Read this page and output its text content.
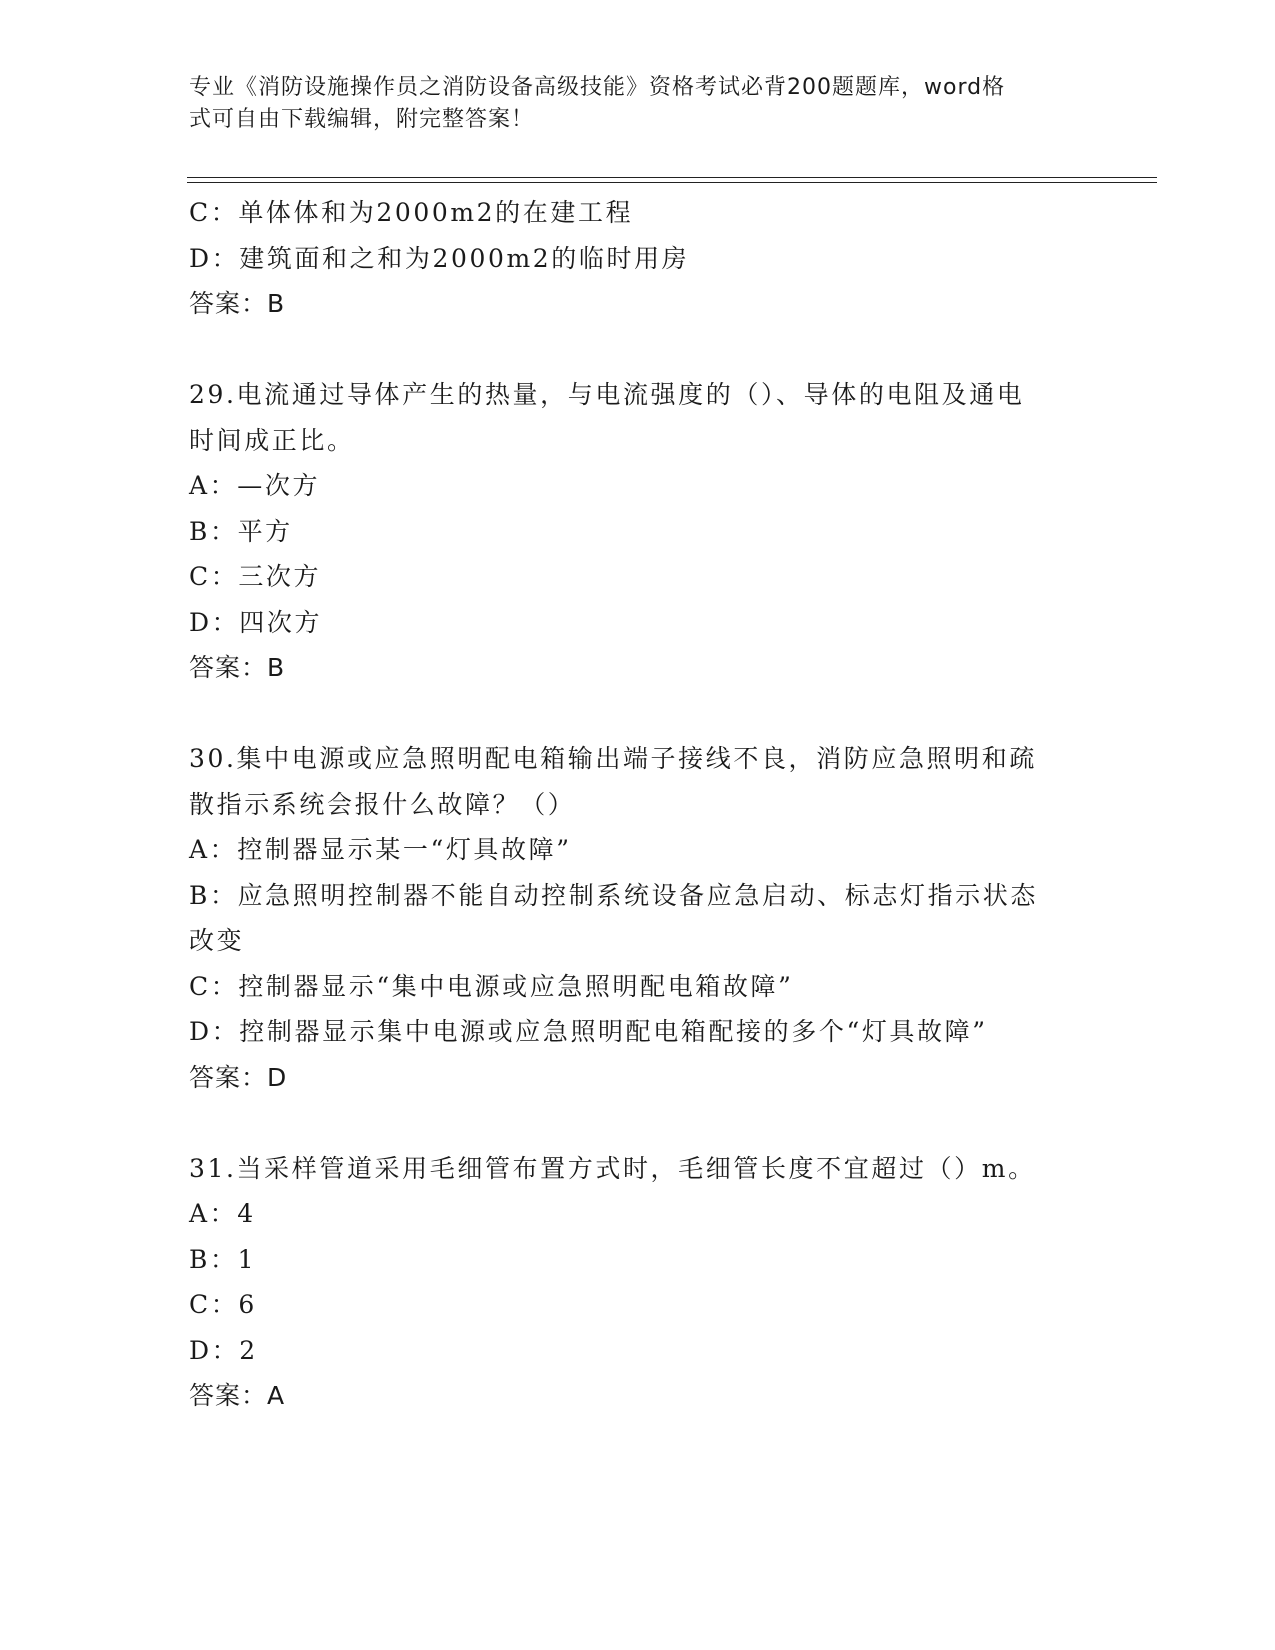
专业《消防设施操作员之消防设备高级技能》资格考试必背200题题库，word格
式可自由下载编辑，附完整答案！
C：单体体和为2000m2的在建工程
D：建筑面和之和为2000m2的临时用房
答案：B
29.电流通过导体产生的热量，与电流强度的（）、导体的电阻及通电
时间成正比。
A：—次方
B：平方
C：三次方
D：四次方
答案：B
30.集中电源或应急照明配电箱输出端子接线不良，消防应急照明和疏
散指示系统会报什么故障？（）
A：控制器显示某一“灯具故障”
B：应急照明控制器不能自动控制系统设备应急启动、标志灯指示状态
改变
C：控制器显示“集中电源或应急照明配电箱故障”
D：控制器显示集中电源或应急照明配电箱配接的多个“灯具故障”
答案：D
31.当采样管道采用毛细管布置方式时，毛细管长度不宜超过（）m。
A：4
B：1
C：6
D：2
答案：A
